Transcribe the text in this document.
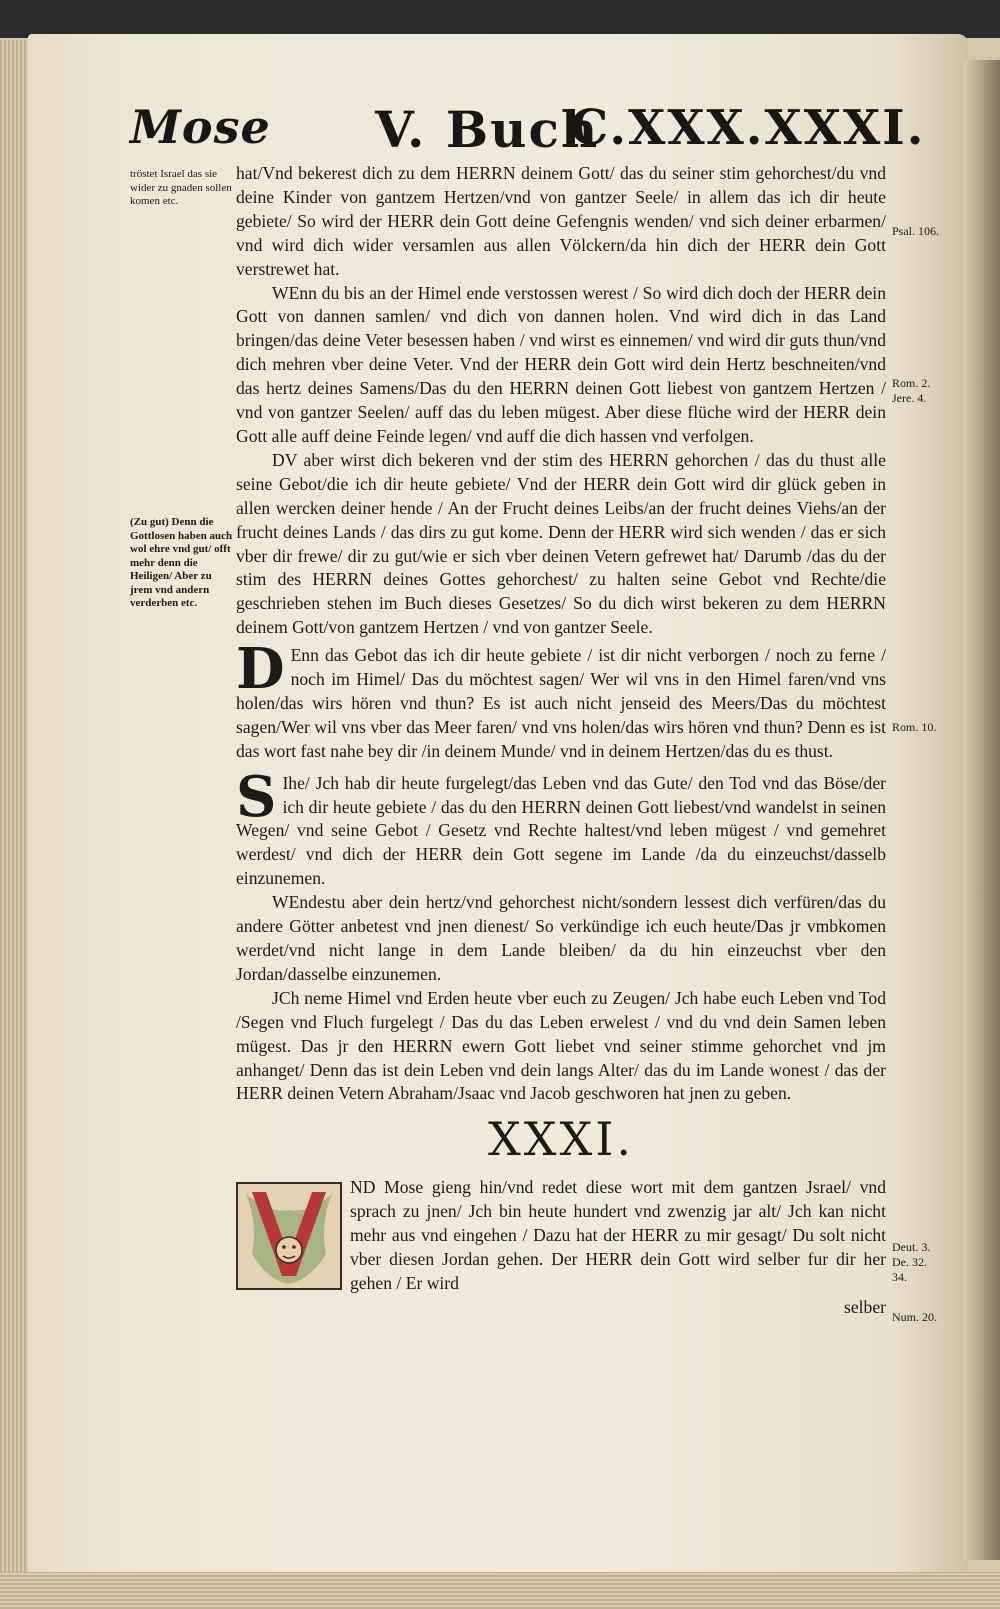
Mose V. Buch
C.XXX.XXXI.
tröstet Israel das sie wider zu gnaden sollen komen etc.
(Zu gut) Denn die Gottlosen haben auch wol ehre vnd gut/ offt mehr denn die Heiligen/ Aber zu jrem vnd andern verderben etc.
Psal. 106.
Rom. 2. Jere. 4.
Rom. 10.
Deut. 3. De. 32. 34.
Num. 20.

hat/Vnd bekerest dich zu dem HERRN deinem Gott/ das du seiner stim gehorchest/du vnd deine Kinder von gantzem Hertzen/vnd von gantzer Seele/ in allem das ich dir heute gebiete/ So wird der HERR dein Gott deine Gefengnis wenden/ vnd sich deiner erbarmen/ vnd wird dich wider versamlen aus allen Völckern/da hin dich der HERR dein Gott verstrewet hat.

WEnn du bis an der Himel ende verstossen werest / So wird dich doch der HERR dein Gott von dannen samlen/ vnd dich von dannen holen. Vnd wird dich in das Land bringen/das deine Veter besessen haben / vnd wirst es einnemen/ vnd wird dir guts thun/vnd dich mehren vber deine Veter. Vnd der HERR dein Gott wird dein Hertz beschneiten/vnd das hertz deines Samens/Das du den HERRN deinen Gott liebest von gantzem Hertzen / vnd von gantzer Seelen/ auff das du leben mügest. Aber diese flüche wird der HERR dein Gott alle auff deine Feinde legen/ vnd auff die dich hassen vnd verfolgen.

DV aber wirst dich bekeren vnd der stim des HERRN gehorchen / das du thust alle seine Gebot/die ich dir heute gebiete/ Vnd der HERR dein Gott wird dir glück geben in allen wercken deiner hende / An der Frucht deines Leibs/an der frucht deines Viehs/an der frucht deines Lands / das dirs zu gut kome. Denn der HERR wird sich wenden / das er sich vber dir frewe/ dir zu gut/wie er sich vber deinen Vetern gefrewet hat/ Darumb /das du der stim des HERRN deines Gottes gehorchest/ zu halten seine Gebot vnd Rechte/die geschrieben stehen im Buch dieses Gesetzes/ So du dich wirst bekeren zu dem HERRN deinem Gott/von gantzem Hertzen / vnd von gantzer Seele.

D Enn das Gebot das ich dir heute gebiete / ist dir nicht verborgen / noch zu ferne / noch im Himel/ Das du möchtest sagen/ Wer wil vns in den Himel faren/vnd vns holen/das wirs hören vnd thun? Es ist auch nicht jenseid des Meers/Das du möchtest sagen/Wer wil vns vber das Meer faren/ vnd vns holen/das wirs hören vnd thun? Denn es ist das wort fast nahe bey dir /in deinem Munde/ vnd in deinem Hertzen/das du es thust.

S Ihe/ Jch hab dir heute furgelegt/das Leben vnd das Gute/ den Tod vnd das Böse/der ich dir heute gebiete / das du den HERRN deinen Gott liebest/vnd wandelst in seinen Wegen/ vnd seine Gebot / Gesetz vnd Rechte haltest/vnd leben mügest / vnd gemehret werdest/ vnd dich der HERR dein Gott segene im Lande /da du einzeuchst/dasselb einzunemen.

WEndestu aber dein hertz/vnd gehorchest nicht/sondern lessest dich verfüren/das du andere Götter anbetest vnd jnen dienest/ So verkündige ich euch heute/Das jr vmbkomen werdet/vnd nicht lange in dem Lande bleiben/ da du hin einzeuchst vber den Jordan/dasselbe einzunemen.

JCh neme Himel vnd Erden heute vber euch zu Zeugen/ Jch habe euch Leben vnd Tod /Segen vnd Fluch furgelegt / Das du das Leben erwelest / vnd du vnd dein Samen leben mügest. Das jr den HERRN ewern Gott liebet vnd seiner stimme gehorchet vnd jm anhanget/ Denn das ist dein Leben vnd dein langs Alter/ das du im Lande wonest / das der HERR deinen Vetern Abraham/Jsaac vnd Jacob geschworen hat jnen zu geben.

XXXI.

ND Mose gieng hin/vnd redet diese wort mit dem gantzen Jsrael/ vnd sprach zu jnen/ Jch bin heute hundert vnd zwenzig jar alt/ Jch kan nicht mehr aus vnd eingehen / Dazu hat der HERR zu mir gesagt/ Du solt nicht vber diesen Jordan gehen. Der HERR dein Gott wird selber fur dir her gehen / Er wird

selber
